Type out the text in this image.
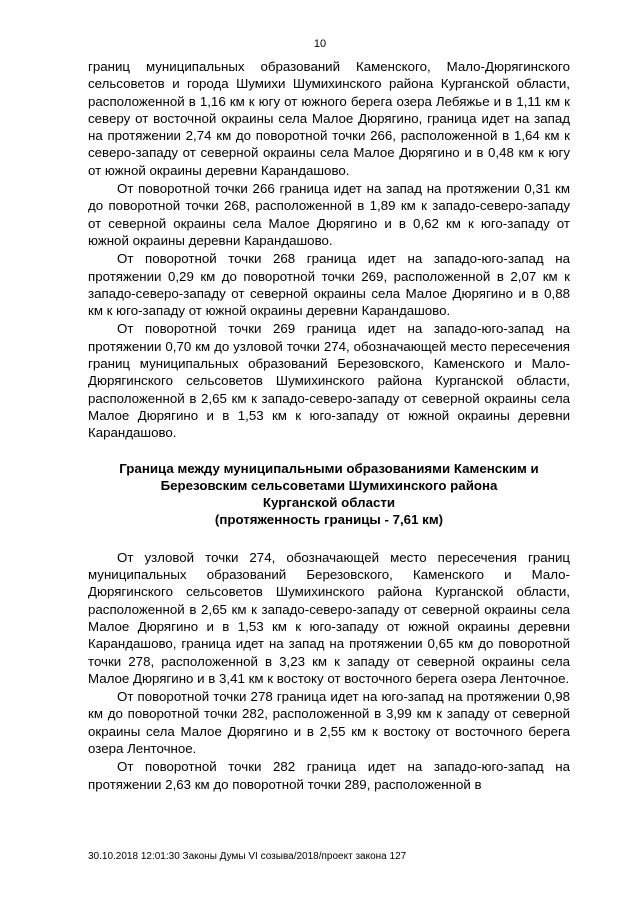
10

границ муниципальных образований Каменского, Мало-Дюрягинского сельсоветов и города Шумихи Шумихинского района Курганской области, расположенной в 1,16 км к югу от южного берега озера Лебяжье и в 1,11 км к северу от восточной окраины села Малое Дюрягино, граница идет на запад на протяжении 2,74 км до поворотной точки 266, расположенной в 1,64 км к северо-западу от северной окраины села Малое Дюрягино и в 0,48 км к югу от южной окраины деревни Карандашово.

От поворотной точки 266 граница идет на запад на протяжении 0,31 км до поворотной точки 268, расположенной в 1,89 км к западо-северо-западу от северной окраины села Малое Дюрягино и в 0,62 км к юго-западу от южной окраины деревни Карандашово.

От поворотной точки 268 граница идет на западо-юго-запад на протяжении 0,29 км до поворотной точки 269, расположенной в 2,07 км к западо-северо-западу от северной окраины села Малое Дюрягино и в 0,88 км к юго-западу от южной окраины деревни Карандашово.

От поворотной точки 269 граница идет на западо-юго-запад на протяжении 0,70 км до узловой точки 274, обозначающей место пересечения границ муниципальных образований Березовского, Каменского и Мало-Дюрягинского сельсоветов Шумихинского района Курганской области, расположенной в 2,65 км к западо-северо-западу от северной окраины села Малое Дюрягино и в 1,53 км к юго-западу от южной окраины деревни Карандашово.

Граница между муниципальными образованиями Каменским и
Березовским сельсоветами Шумихинского района
Курганской области
(протяженность границы - 7,61 км)

От узловой точки 274, обозначающей место пересечения границ муниципальных образований Березовского, Каменского и Мало-Дюрягинского сельсоветов Шумихинского района Курганской области, расположенной в 2,65 км к западо-северо-западу от северной окраины села Малое Дюрягино и в 1,53 км к юго-западу от южной окраины деревни Карандашово, граница идет на запад на протяжении 0,65 км до поворотной точки 278, расположенной в 3,23 км к западу от северной окраины села Малое Дюрягино и в 3,41 км к востоку от восточного берега озера Ленточное.

От поворотной точки 278 граница идет на юго-запад на протяжении 0,98 км до поворотной точки 282, расположенной в 3,99 км к западу от северной окраины села Малое Дюрягино и в 2,55 км к востоку от восточного берега озера Ленточное.

От поворотной точки 282 граница идет на западо-юго-запад на протяжении 2,63 км до поворотной точки 289, расположенной в

30.10.2018 12:01:30 Законы Думы VI созыва/2018/проект закона 127
